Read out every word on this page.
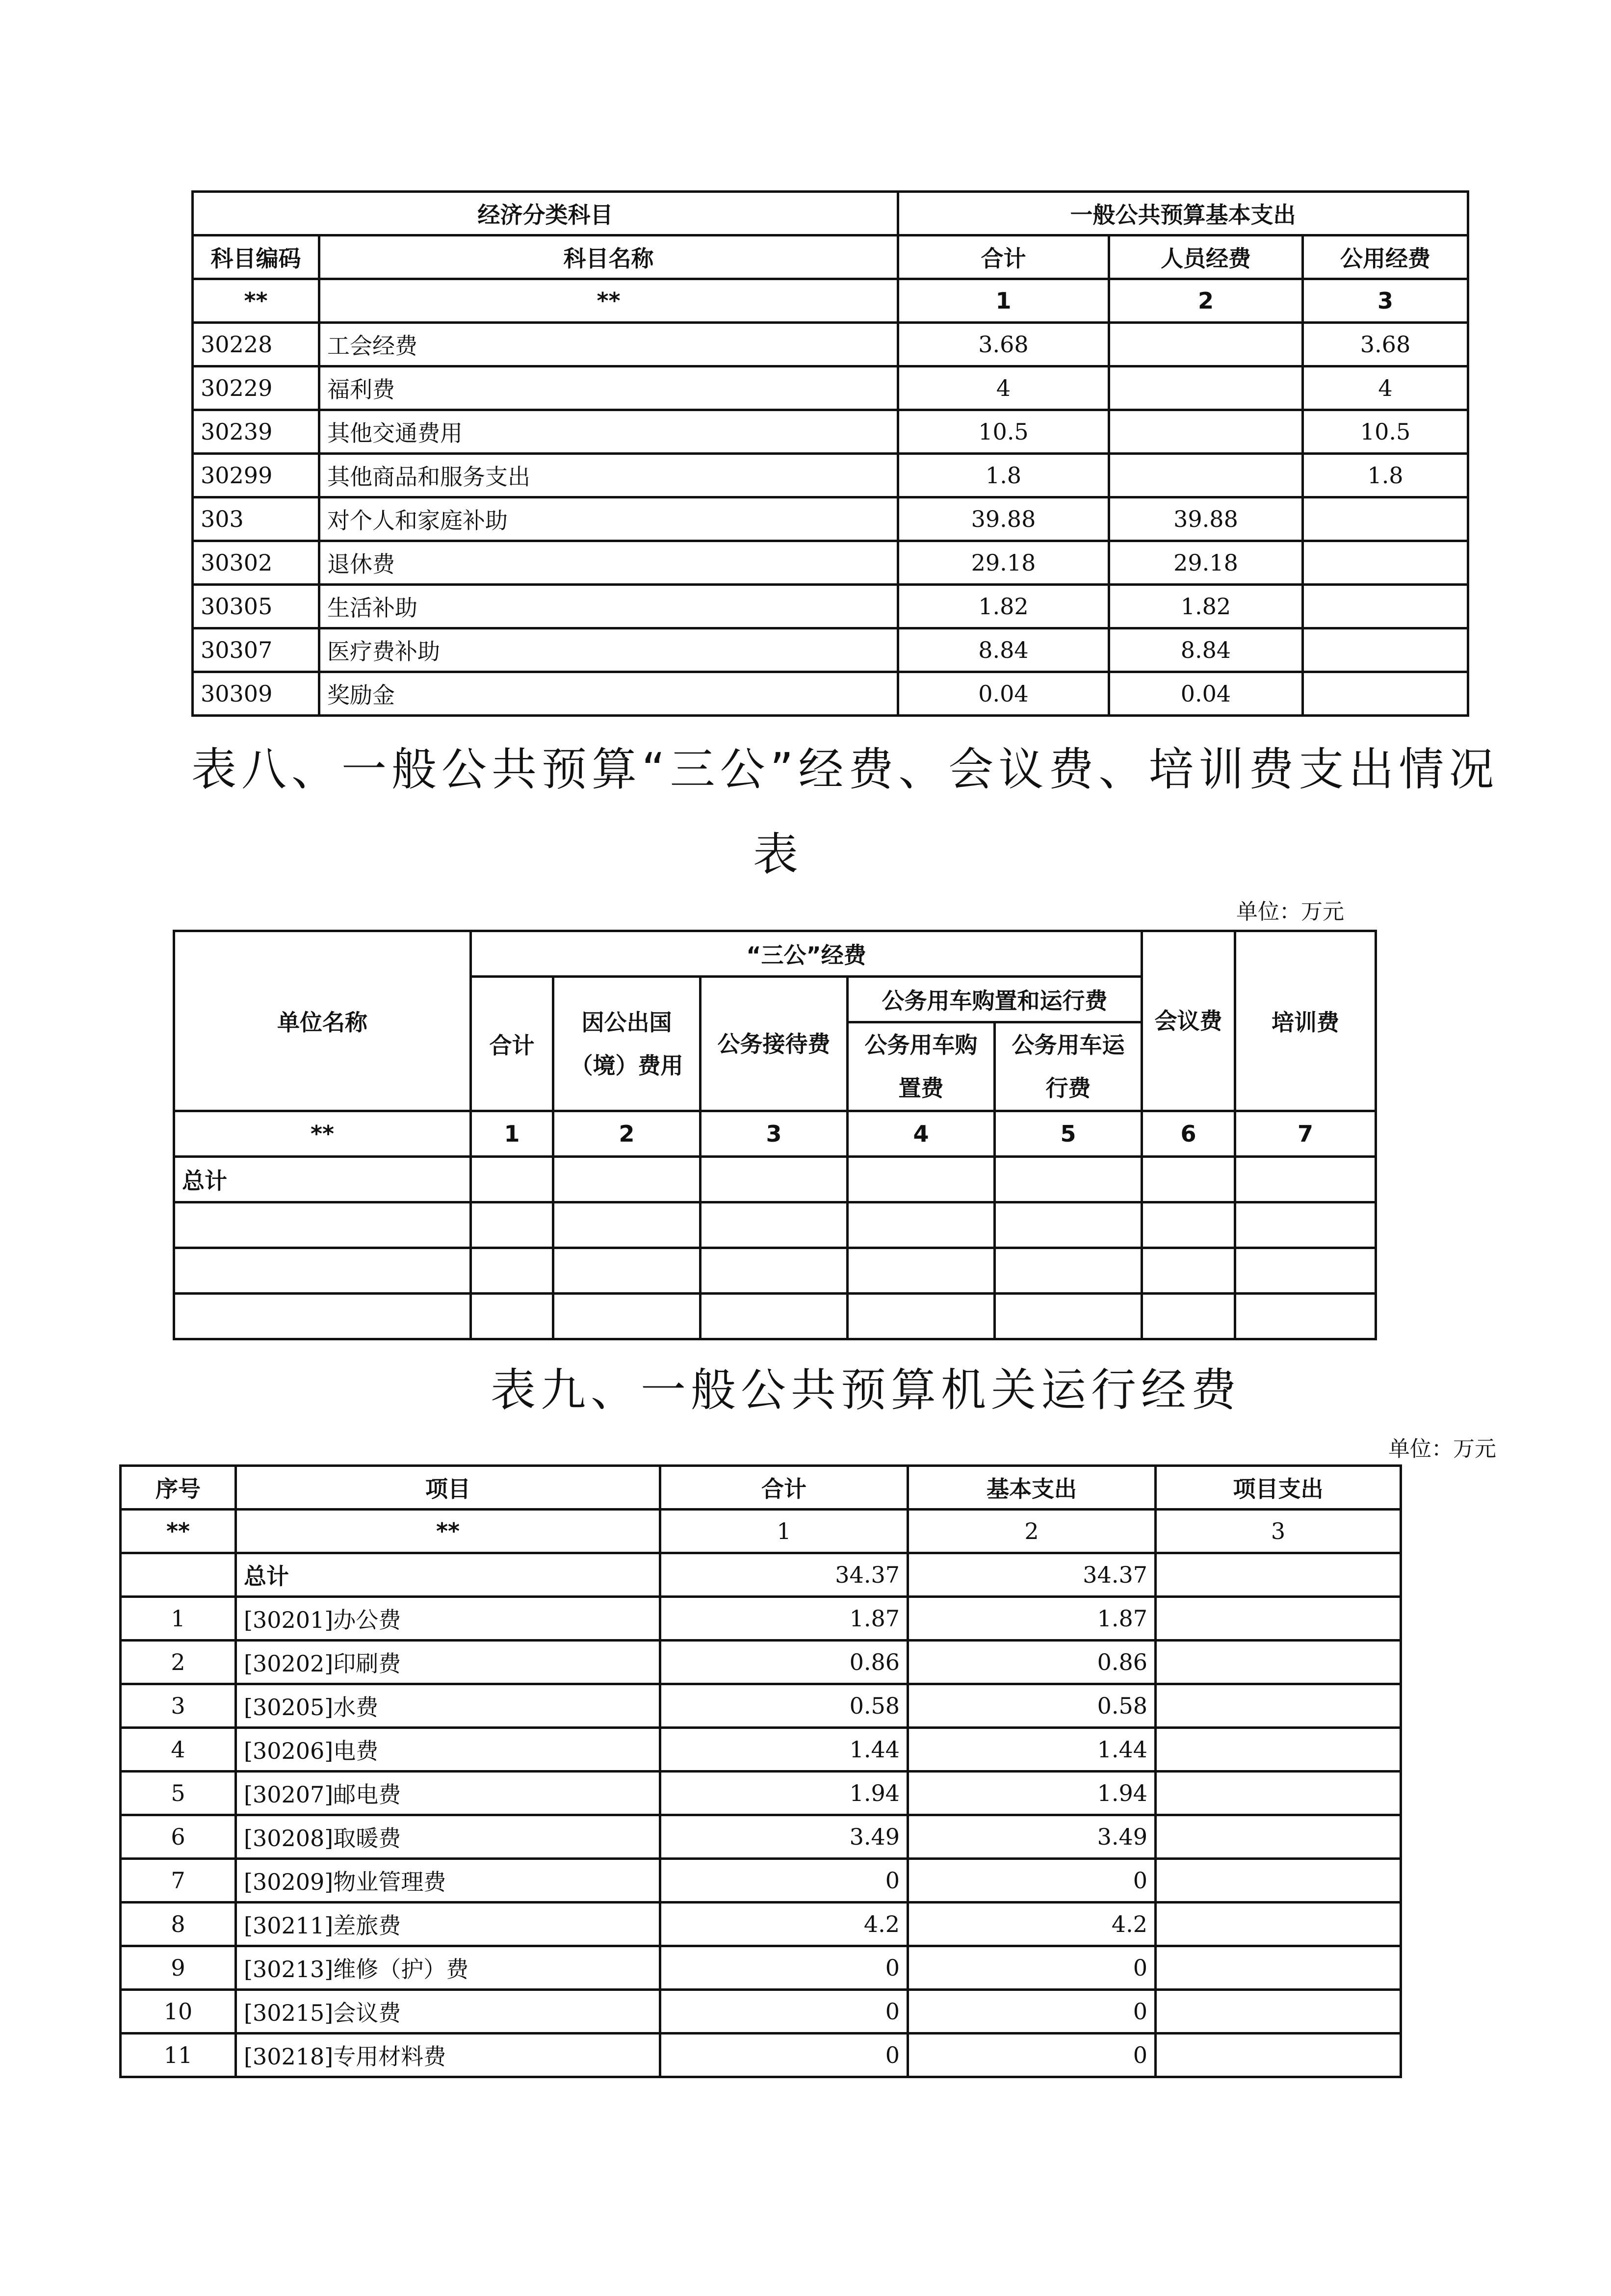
经济分类科目		一般公共预算基本支出		
科目编码	科目名称	合计	人员经费	公用经费
**	**	1	2	3
30228	工会经费	3.68		3.68
30229	福利费	4		4
30239	其他交通费用	10.5		10.5
30299	其他商品和服务支出	1.8		1.8
303	对个人和家庭补助	39.88	39.88	
30302	退休费	29.18	29.18	
30305	生活补助	1.82	1.82	
30307	医疗费补助	8.84	8.84	
30309	奖励金	0.04	0.04	
表八、一般公共预算“三公”经费、会议费、培训费支出情况
表
单位：万元
单位名称	“三公”经费					会议费	培训费
	合计	因公出国（境）费用	公务接待费	公务用车购置和运行费			
				公务用车购置费	公务用车运行费		
**	1	2	3	4	5	6	7
总计							

表九、一般公共预算机关运行经费
单位：万元
序号	项目	合计	基本支出	项目支出
**	**	1	2	3
	总计	34.37	34.37	
1	[30201]办公费	1.87	1.87	
2	[30202]印刷费	0.86	0.86	
3	[30205]水费	0.58	0.58	
4	[30206]电费	1.44	1.44	
5	[30207]邮电费	1.94	1.94	
6	[30208]取暖费	3.49	3.49	
7	[30209]物业管理费	0	0	
8	[30211]差旅费	4.2	4.2	
9	[30213]维修（护）费	0	0	
10	[30215]会议费	0	0	
11	[30218]专用材料费	0	0	
